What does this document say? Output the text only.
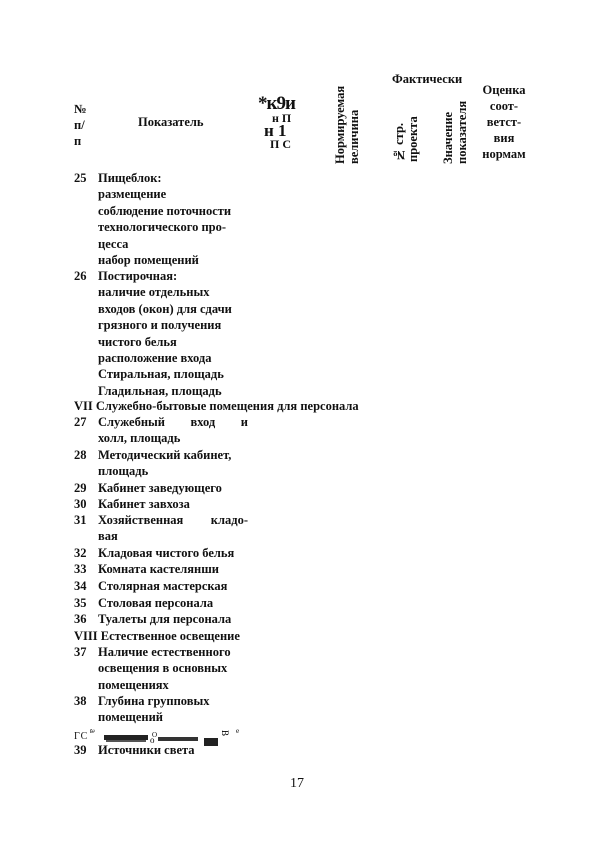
№
п/
п
Показатель
*к9и
н П
н 1
П С	Нормируемая
величина
Фактически
№ стр.
проекта Значение
показателя
Оценка
соот-
ветст-
вия
нормам
25 Пищеблок:
размещение
соблюдение поточности
технологического про-
цесса
набор помещений
26 Постирочная:
наличие отдельных
входов (окон) для сдачи
грязного и получения
чистого белья
расположение входа
Стиральная, площадь
Гладильная, площадь
VII Служебно-бытовые помещения для персонала
27 Служебный вход и
холл, площадь
28 Методический кабинет,
площадь
29 Кабинет заведующего
30 Кабинет завхоза
31 Хозяйственная кладо-
вая
32 Кладовая чистого белья
33 Комната кастелянши
34 Столярная мастерская
35 Столовая персонала
36 Туалеты для персонала
VIII Естественное освещение
37 Наличие естественного
освещения в основных
помещениях
38 Глубина групповых
помещений
ГС а	О
о
В е
39 Источники света
17
